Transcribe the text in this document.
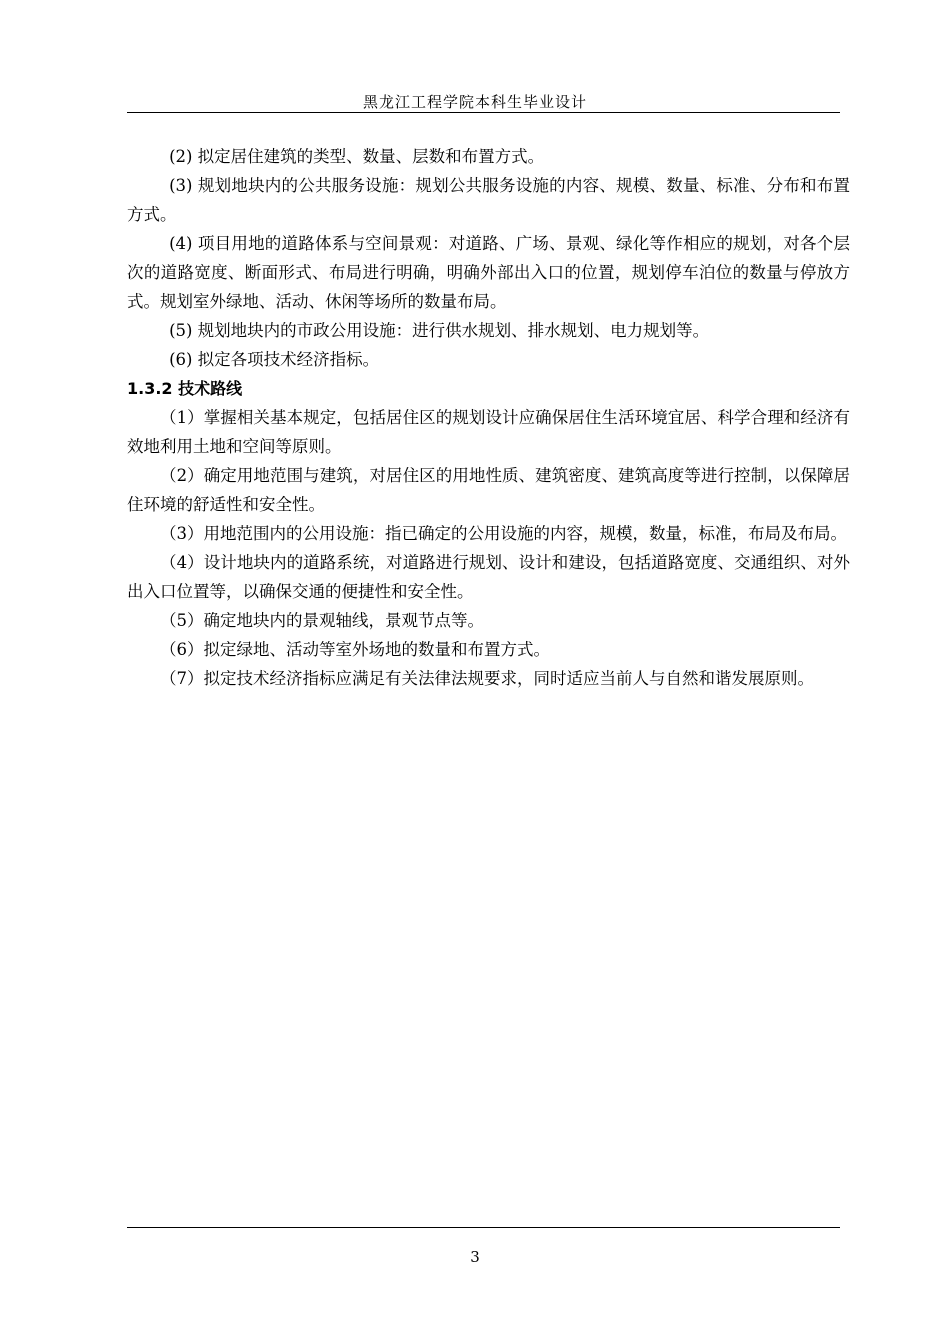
黑龙江工程学院本科生毕业设计

(2) 拟定居住建筑的类型、数量、层数和布置方式。

(3) 规划地块内的公共服务设施：规划公共服务设施的内容、规模、数量、标准、分布和布置方式。

(4) 项目用地的道路体系与空间景观：对道路、广场、景观、绿化等作相应的规划，对各个层次的道路宽度、断面形式、布局进行明确，明确外部出入口的位置，规划停车泊位的数量与停放方式。规划室外绿地、活动、休闲等场所的数量布局。

(5) 规划地块内的市政公用设施：进行供水规划、排水规划、电力规划等。

(6) 拟定各项技术经济指标。

1.3.2 技术路线

（1）掌握相关基本规定，包括居住区的规划设计应确保居住生活环境宜居、科学合理和经济有效地利用土地和空间等原则。

（2）确定用地范围与建筑，对居住区的用地性质、建筑密度、建筑高度等进行控制，以保障居住环境的舒适性和安全性。

（3）用地范围内的公用设施：指已确定的公用设施的内容，规模，数量，标准，布局及布局。

（4）设计地块内的道路系统，对道路进行规划、设计和建设，包括道路宽度、交通组织、对外出入口位置等，以确保交通的便捷性和安全性。

（5）确定地块内的景观轴线，景观节点等。

（6）拟定绿地、活动等室外场地的数量和布置方式。

（7）拟定技术经济指标应满足有关法律法规要求，同时适应当前人与自然和谐发展原则。

3
